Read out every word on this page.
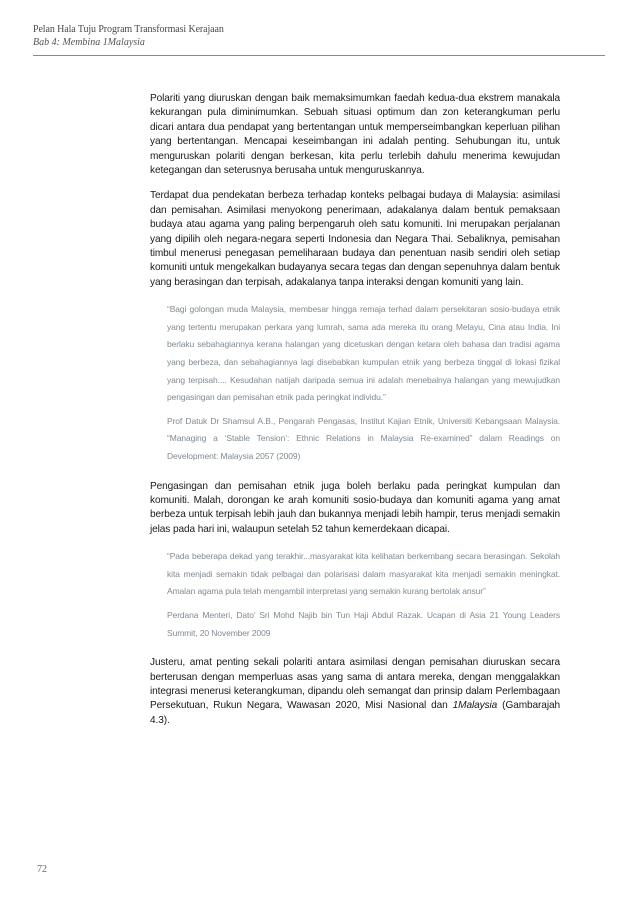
Pelan Hala Tuju Program Transformasi Kerajaan
Bab 4: Membina 1Malaysia

Polariti yang diuruskan dengan baik memaksimumkan faedah kedua-dua ekstrem manakala kekurangan pula diminimumkan. Sebuah situasi optimum dan zon keterangkuman perlu dicari antara dua pendapat yang bertentangan untuk memperseimbangkan keperluan pilihan yang bertentangan. Mencapai keseimbangan ini adalah penting. Sehubungan itu, untuk menguruskan polariti dengan berkesan, kita perlu terlebih dahulu menerima kewujudan ketegangan dan seterusnya berusaha untuk menguruskannya.

Terdapat dua pendekatan berbeza terhadap konteks pelbagai budaya di Malaysia: asimilasi dan pemisahan. Asimilasi menyokong penerimaan, adakalanya dalam bentuk pemaksaan budaya atau agama yang paling berpengaruh oleh satu komuniti. Ini merupakan perjalanan yang dipilih oleh negara-negara seperti Indonesia dan Negara Thai. Sebaliknya, pemisahan timbul menerusi penegasan pemeliharaan budaya dan penentuan nasib sendiri oleh setiap komuniti untuk mengekalkan budayanya secara tegas dan dengan sepenuhnya dalam bentuk yang berasingan dan terpisah, adakalanya tanpa interaksi dengan komuniti yang lain.

“Bagi golongan muda Malaysia, membesar hingga remaja terhad dalam persekitaran sosio-budaya etnik yang tertentu merupakan perkara yang lumrah, sama ada mereka itu orang Melayu, Cina atau India. Ini berlaku sebahagiannya kerana halangan yang dicetuskan dengan ketara oleh bahasa dan tradisi agama yang berbeza, dan sebahagiannya lagi disebabkan kumpulan etnik yang berbeza tinggal di lokasi fizikal yang terpisah.... Kesudahan natijah daripada semua ini adalah menebalnya halangan yang mewujudkan pengasingan dan pemisahan etnik pada peringkat individu.”

Prof Datuk Dr Shamsul A.B., Pengarah Pengasas, Institut Kajian Etnik, Universiti Kebangsaan Malaysia. “Managing a ‘Stable Tension’: Ethnic Relations in Malaysia Re-examined” dalam Readings on Development: Malaysia 2057 (2009)

Pengasingan dan pemisahan etnik juga boleh berlaku pada peringkat kumpulan dan komuniti. Malah, dorongan ke arah komuniti sosio-budaya dan komuniti agama yang amat berbeza untuk terpisah lebih jauh dan bukannya menjadi lebih hampir, terus menjadi semakin jelas pada hari ini, walaupun setelah 52 tahun kemerdekaan dicapai.

“Pada beberapa dekad yang terakhir...masyarakat kita kelihatan berkembang secara berasingan. Sekolah kita menjadi semakin tidak pelbagai dan polarisasi dalam masyarakat kita menjadi semakin meningkat. Amalan agama pula telah mengambil interpretasi yang semakin kurang bertolak ansur”

Perdana Menteri, Dato’ Sri Mohd Najib bin Tun Haji Abdul Razak. Ucapan di Asia 21 Young Leaders Summit, 20 November 2009

Justeru, amat penting sekali polariti antara asimilasi dengan pemisahan diuruskan secara berterusan dengan memperluas asas yang sama di antara mereka, dengan menggalakkan integrasi menerusi keterangkuman, dipandu oleh semangat dan prinsip dalam Perlembagaan Persekutuan, Rukun Negara, Wawasan 2020, Misi Nasional dan 1Malaysia (Gambarajah 4.3).

72
